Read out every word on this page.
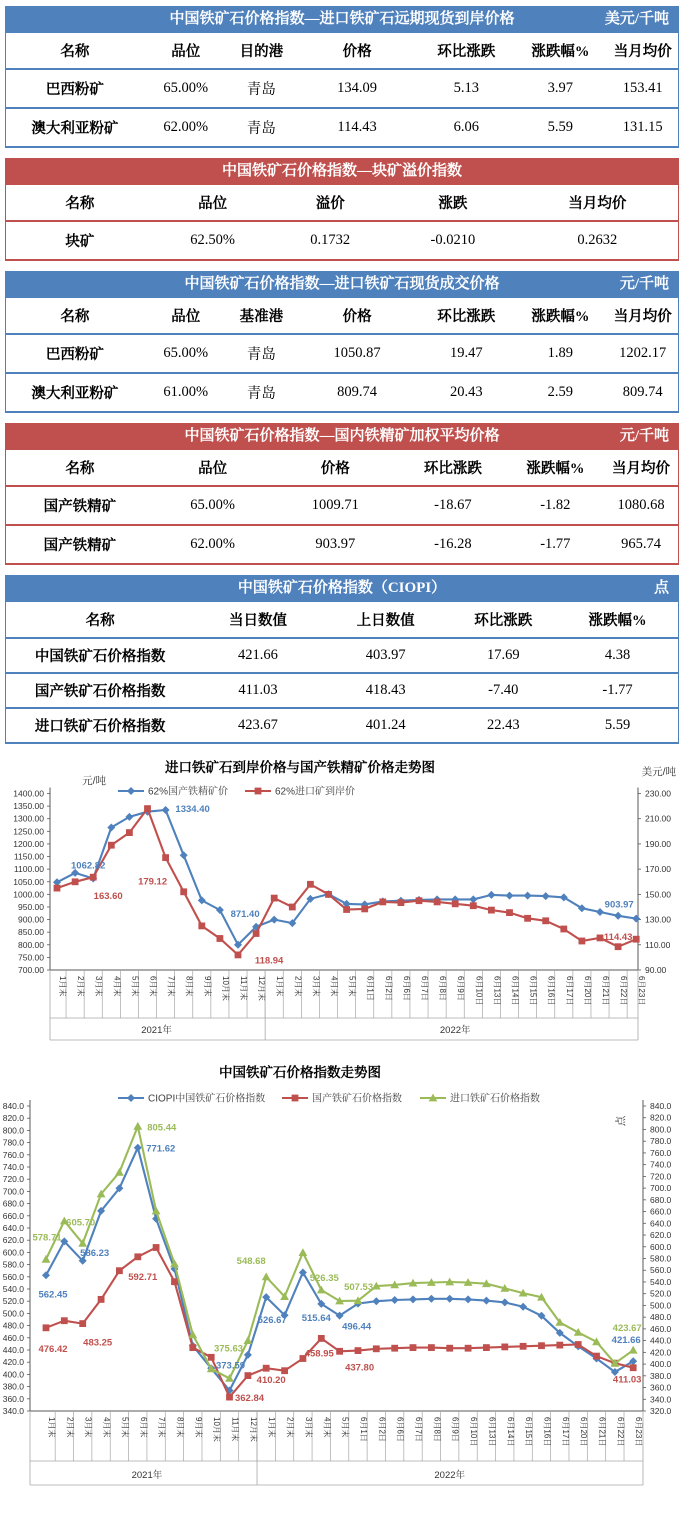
中国铁矿石价格指数—进口铁矿石远期现货到岸价格	美元/千吨
名称	品位	目的港	价格	环比涨跌	涨跌幅%	当月均价
巴西粉矿	65.00%	青岛	134.09	5.13	3.97	153.41
澳大利亚粉矿	62.00%	青岛	114.43	6.06	5.59	131.15
中国铁矿石价格指数—块矿溢价指数
名称	品位	溢价	涨跌	当月均价
块矿	62.50%	0.1732	-0.0210	0.2632
中国铁矿石价格指数—进口铁矿石现货成交价格	元/千吨
名称	品位	基准港	价格	环比涨跌	涨跌幅%	当月均价
巴西粉矿	65.00%	青岛	1050.87	19.47	1.89	1202.17
澳大利亚粉矿	61.00%	青岛	809.74	20.43	2.59	809.74
中国铁矿石价格指数—国内铁精矿加权平均价格	元/千吨
名称	品位	价格	环比涨跌	涨跌幅%	当月均价
国产铁精矿	65.00%	1009.71	-18.67	-1.82	1080.68
国产铁精矿	62.00%	903.97	-16.28	-1.77	965.74
中国铁矿石价格指数（CIOPI）	点
名称	当日数值	上日数值	环比涨跌	涨跌幅%
中国铁矿石价格指数	421.66	403.97	17.69	4.38
国产铁矿石价格指数	411.03	418.43	-7.40	-1.77
进口铁矿石价格指数	423.67	401.24	22.43	5.59
进口铁矿石到岸价格与国产铁精矿价格走势图
元/吨
美元/吨
62%国产铁精矿价	62%进口矿到岸价
1400.00
1350.00
1300.00
1250.00
1200.00
1150.00
1100.00
1050.00
1000.00
950.00
900.00
850.00
800.00
750.00
700.00
230.00
210.00
190.00
170.00
150.00
130.00
110.00
90.00
1月末 2月末 3月末 4月末 5月末 6月末 7月末 8月末 9月末 10月末 11月末 12月末 1月末 2月末 3月末 4月末 5月末 6月1日 6月2日 6月6日 6月7日 6月8日 6月9日 6月10日 6月13日 6月14日 6月15日 6月16日 6月17日 6月20日 6月21日 6月22日 6月23日
2021年	2022年
1062.82
1334.40
871.40
903.97
163.60
179.12
118.94
114.43
中国铁矿石价格指数走势图
点
CIOPI中国铁矿石价格指数	国产铁矿石价格指数	进口铁矿石价格指数
840.0
820.0
800.0
780.0
760.0
740.0
720.0
700.0
680.0
660.0
640.0
620.0
600.0
580.0
560.0
540.0
520.0
500.0
480.0
460.0
440.0
420.0
400.0
380.0
360.0
340.0
840.0
820.0
800.0
780.0
760.0
740.0
720.0
700.0
680.0
660.0
640.0
620.0
600.0
580.0
560.0
540.0
520.0
500.0
480.0
460.0
440.0
420.0
400.0
380.0
360.0
340.0
320.0
1月末 2月末 3月末 4月末 5月末 6月末 7月末 8月末 9月末 10月末 11月末 12月末 1月末 2月末 3月末 4月末 5月末 6月1日 6月2日 6月6日 6月7日 6月8日 6月9日 6月10日 6月13日 6月14日 6月15日 6月16日 6月17日 6月20日 6月21日 6月22日 6月23日
2021年	2022年
562.45
586.23
771.62
373.59
526.67 515.64
496.44
421.66
476.42
483.25
592.71
362.84
410.20
458.95
437.80
411.03
578.71
605.70
805.44
375.63
548.68
526.35
507.53
423.67
